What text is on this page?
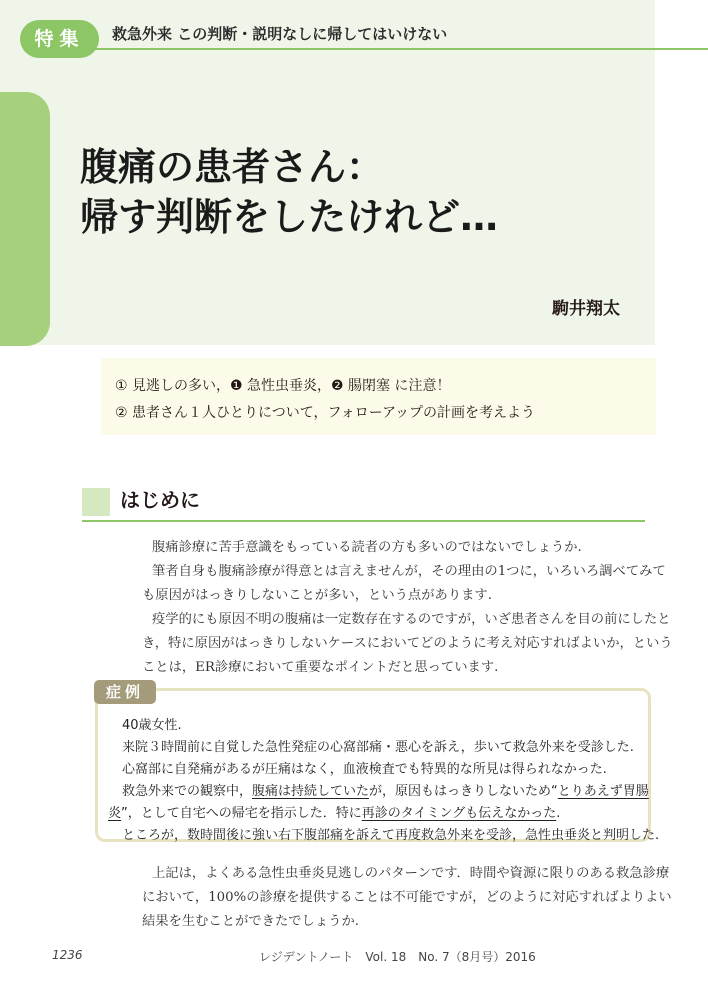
特集	救急外来 この判断・説明なしに帰してはいけない
腹痛の患者さん：
帰す判断をしたけれど…
駒井翔太
① 見逃しの多い，❶ 急性虫垂炎，❷ 腸閉塞 に注意！
② 患者さん１人ひとりについて，フォローアップの計画を考えよう
はじめに
腹痛診療に苦手意識をもっている読者の方も多いのではないでしょうか.
筆者自身も腹痛診療が得意とは言えませんが，その理由の1つに，いろいろ調べてみて
も原因がはっきりしないことが多い，という点があります.
疫学的にも原因不明の腹痛は一定数存在するのですが，いざ患者さんを目の前にしたと
き，特に原因がはっきりしないケースにおいてどのように考え対応すればよいか，という
ことは，ER診療において重要なポイントだと思っています.
症例
40歳女性.
来院３時間前に自覚した急性発症の心窩部痛・悪心を訴え，歩いて救急外来を受診した.
心窩部に自発痛があるが圧痛はなく，血液検査でも特異的な所見は得られなかった.
救急外来での観察中，腹痛は持続していたが，原因もはっきりしないため“とりあえず胃腸
炎”，として自宅への帰宅を指示した．特に再診のタイミングも伝えなかった.
ところが，数時間後に強い右下腹部痛を訴えて再度救急外来を受診，急性虫垂炎と判明した.
上記は，よくある急性虫垂炎見逃しのパターンです．時間や資源に限りのある救急診療
において，100%の診療を提供することは不可能ですが，どのように対応すればよりよい
結果を生むことができたでしょうか.
1236	レジデントノート　Vol. 18　No. 7（8月号）2016
